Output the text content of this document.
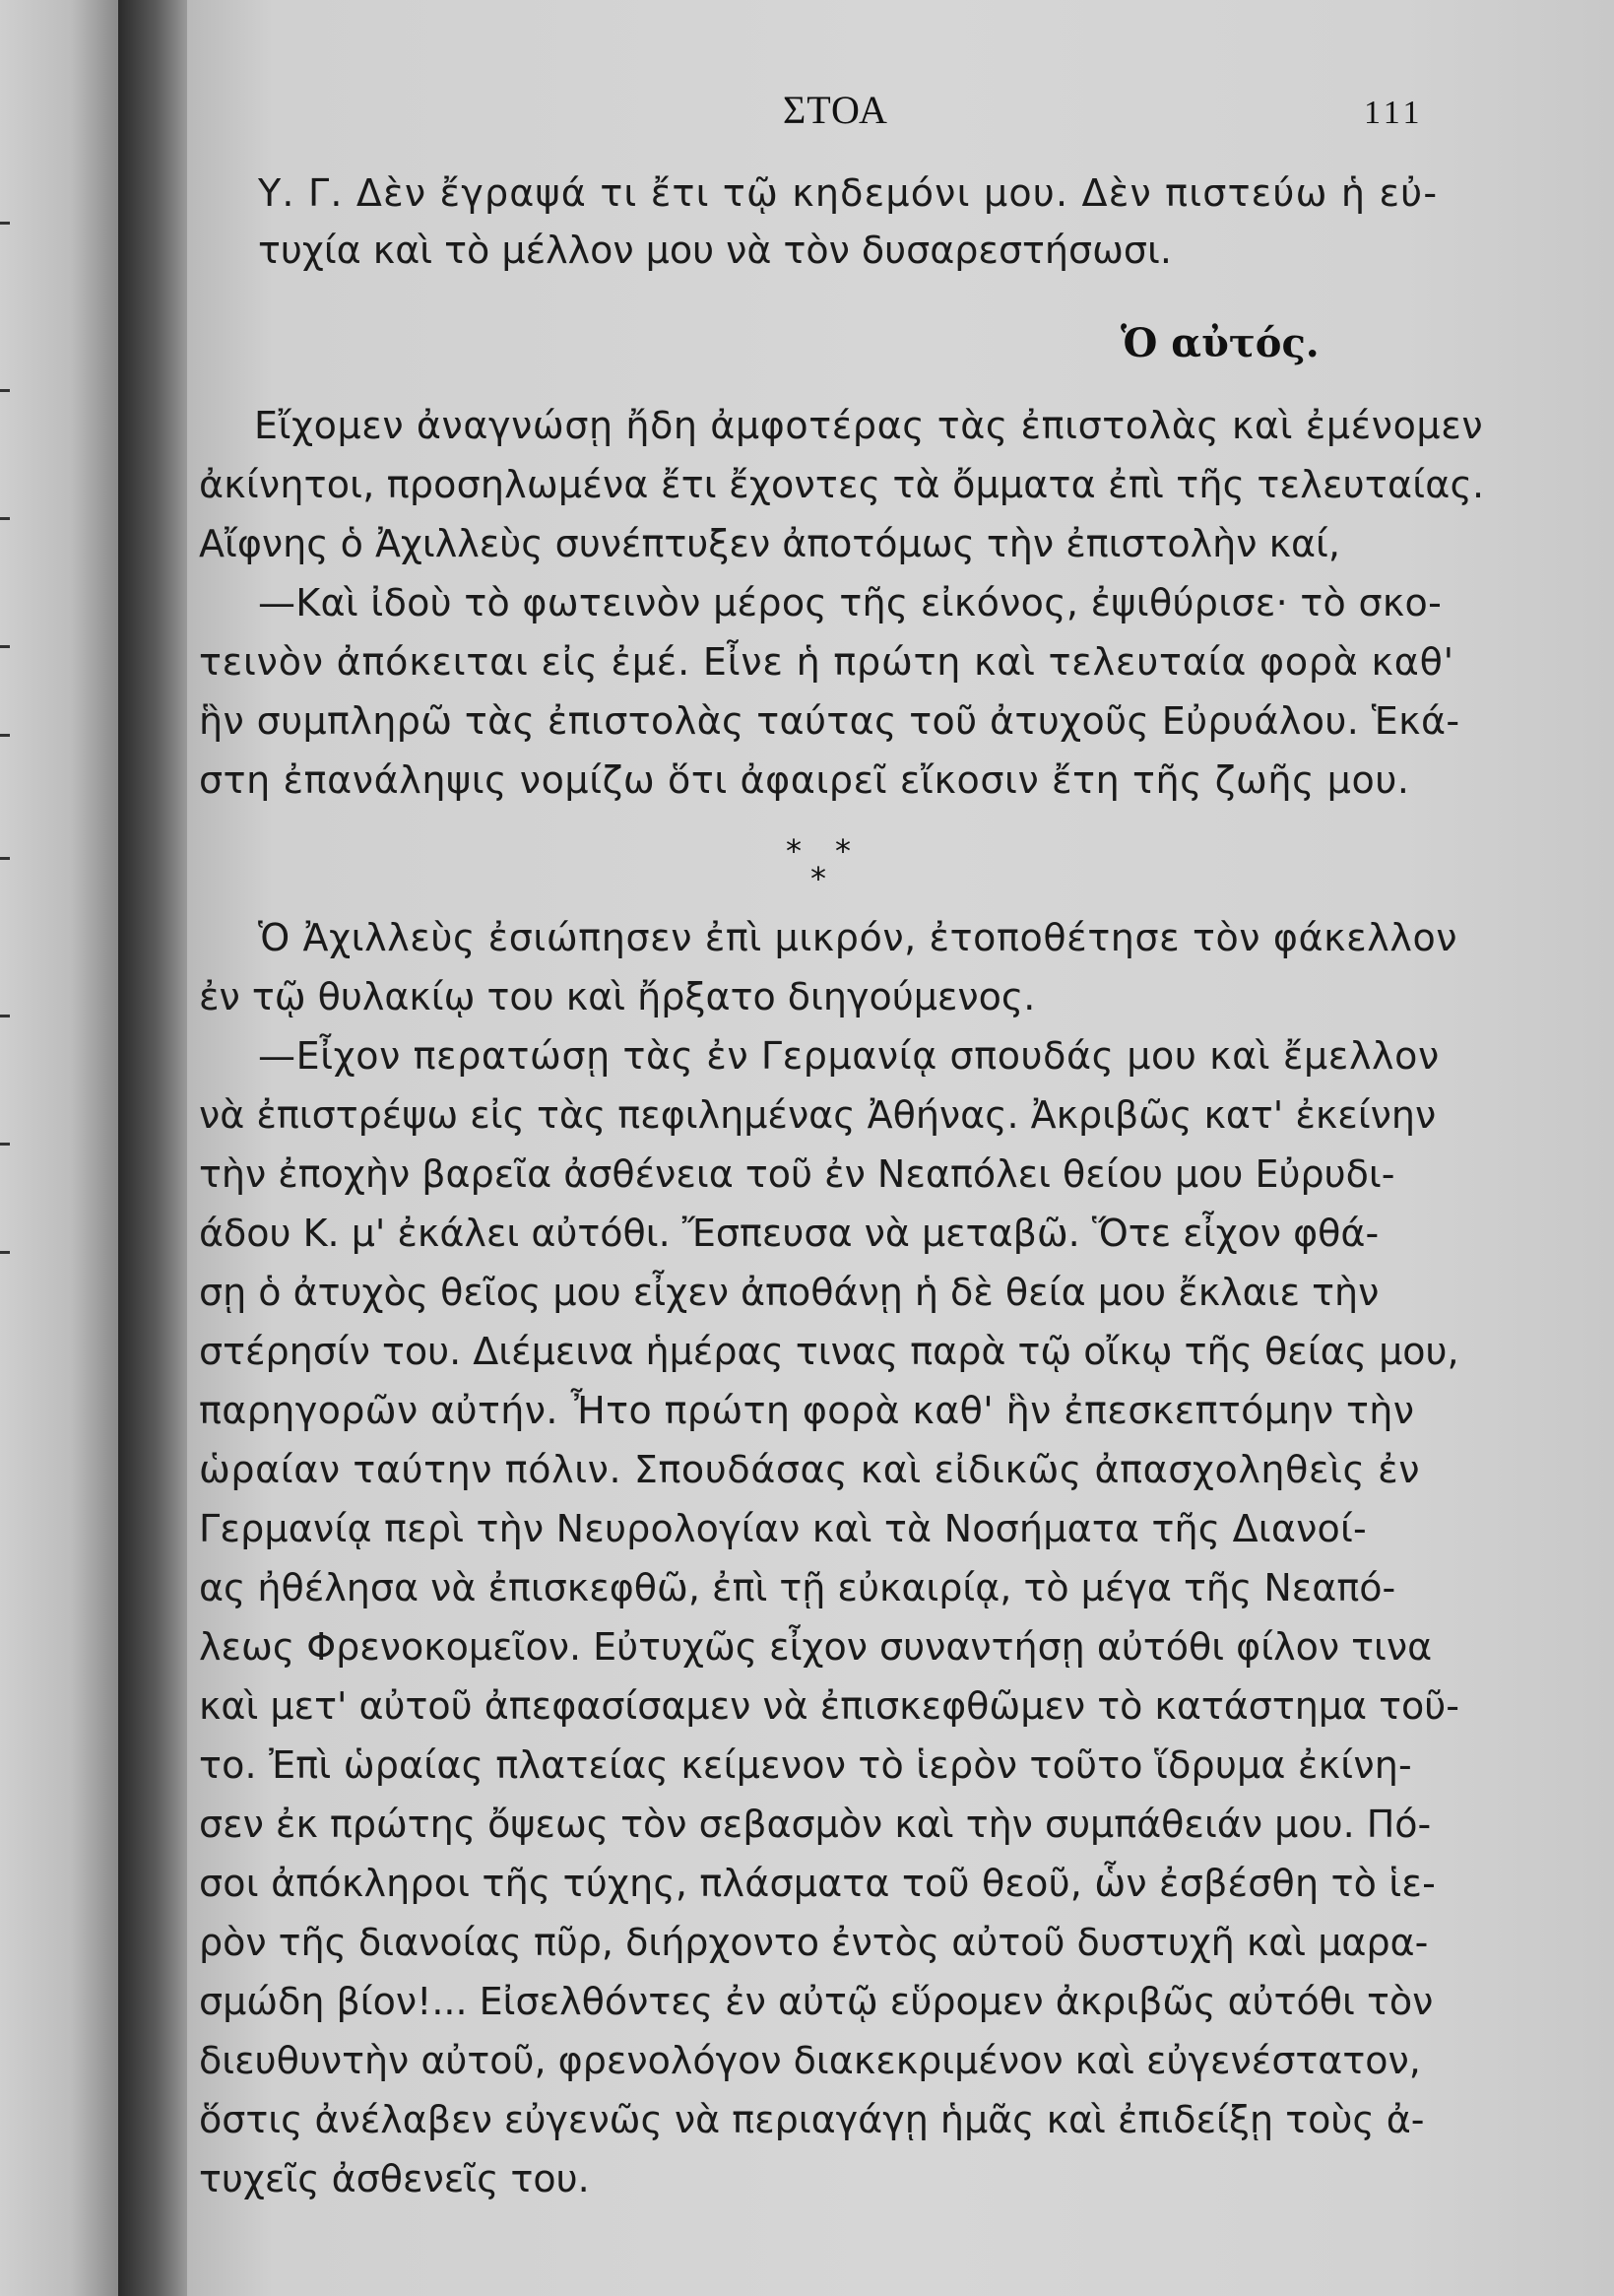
ΣΤΟΑ	111

Υ. Γ. Δὲν ἔγραψά τι ἔτι τῷ κηδεμόνι μου. Δὲν πιστεύω ἡ εὐ-

τυχία καὶ τὸ μέλλον μου νὰ τὸν δυσαρεστήσωσι.

Ὁ αὐτός.

Εἴχομεν ἀναγνώσῃ ἤδη ἀμφοτέρας τὰς ἐπιστολὰς καὶ ἐμένομεν

ἀκίνητοι, προσηλωμένα ἔτι ἔχοντες τὰ ὄμματα ἐπὶ τῆς τελευταίας.

Αἴφνης ὁ Ἀχιλλεὺς συνέπτυξεν ἀποτόμως τὴν ἐπιστολὴν καί,

—Καὶ ἰδοὺ τὸ φωτεινὸν μέρος τῆς εἰκόνος, ἐψιθύρισε· τὸ σκο-

τεινὸν ἀπόκειται εἰς ἐμέ. Εἶνε ἡ πρώτη καὶ τελευταία φορὰ καθ'

ἣν συμπληρῶ τὰς ἐπιστολὰς ταύτας τοῦ ἀτυχοῦς Εὐρυάλου. Ἑκά-

στη ἐπανάληψις νομίζω ὅτι ἀφαιρεῖ εἴκοσιν ἔτη τῆς ζωῆς μου.

* *
*

Ὁ Ἀχιλλεὺς ἐσιώπησεν ἐπὶ μικρόν, ἐτοποθέτησε τὸν φάκελλον

ἐν τῷ θυλακίῳ του καὶ ἤρξατο διηγούμενος.

—Εἶχον περατώσῃ τὰς ἐν Γερμανίᾳ σπουδάς μου καὶ ἔμελλον

νὰ ἐπιστρέψω εἰς τὰς πεφιλημένας Ἀθήνας. Ἀκριβῶς κατ' ἐκείνην

τὴν ἐποχὴν βαρεῖα ἀσθένεια τοῦ ἐν Νεαπόλει θείου μου Εὐρυδι-

άδου Κ. μ' ἐκάλει αὐτόθι. Ἔσπευσα νὰ μεταβῶ. Ὅτε εἶχον φθά-

σῃ ὁ ἀτυχὸς θεῖος μου εἶχεν ἀποθάνῃ ἡ δὲ θεία μου ἔκλαιε τὴν

στέρησίν του. Διέμεινα ἡμέρας τινας παρὰ τῷ οἴκῳ τῆς θείας μου,

παρηγορῶν αὐτήν. Ἦτο πρώτη φορὰ καθ' ἣν ἐπεσκεπτόμην τὴν

ὡραίαν ταύτην πόλιν. Σπουδάσας καὶ εἰδικῶς ἀπασχοληθεὶς ἐν

Γερμανίᾳ περὶ τὴν Νευρολογίαν καὶ τὰ Νοσήματα τῆς Διανοί-

ας ἠθέλησα νὰ ἐπισκεφθῶ, ἐπὶ τῇ εὐκαιρίᾳ, τὸ μέγα τῆς Νεαπό-

λεως Φρενοκομεῖον. Εὐτυχῶς εἶχον συναντήσῃ αὐτόθι φίλον τινα

καὶ μετ' αὐτοῦ ἀπεφασίσαμεν νὰ ἐπισκεφθῶμεν τὸ κατάστημα τοῦ-

το. Ἐπὶ ὡραίας πλατείας κείμενον τὸ ἱερὸν τοῦτο ἵδρυμα ἐκίνη-

σεν ἐκ πρώτης ὄψεως τὸν σεβασμὸν καὶ τὴν συμπάθειάν μου. Πό-

σοι ἀπόκληροι τῆς τύχης, πλάσματα τοῦ θεοῦ, ὧν ἐσβέσθη τὸ ἱε-

ρὸν τῆς διανοίας πῦρ, διήρχοντο ἐντὸς αὐτοῦ δυστυχῆ καὶ μαρα-

σμώδη βίον!... Εἰσελθόντες ἐν αὐτῷ εὕρομεν ἀκριβῶς αὐτόθι τὸν

διευθυντὴν αὐτοῦ, φρενολόγον διακεκριμένον καὶ εὐγενέστατον,

ὅστις ἀνέλαβεν εὐγενῶς νὰ περιαγάγῃ ἡμᾶς καὶ ἐπιδείξῃ τοὺς ἀ-

τυχεῖς ἀσθενεῖς του.
